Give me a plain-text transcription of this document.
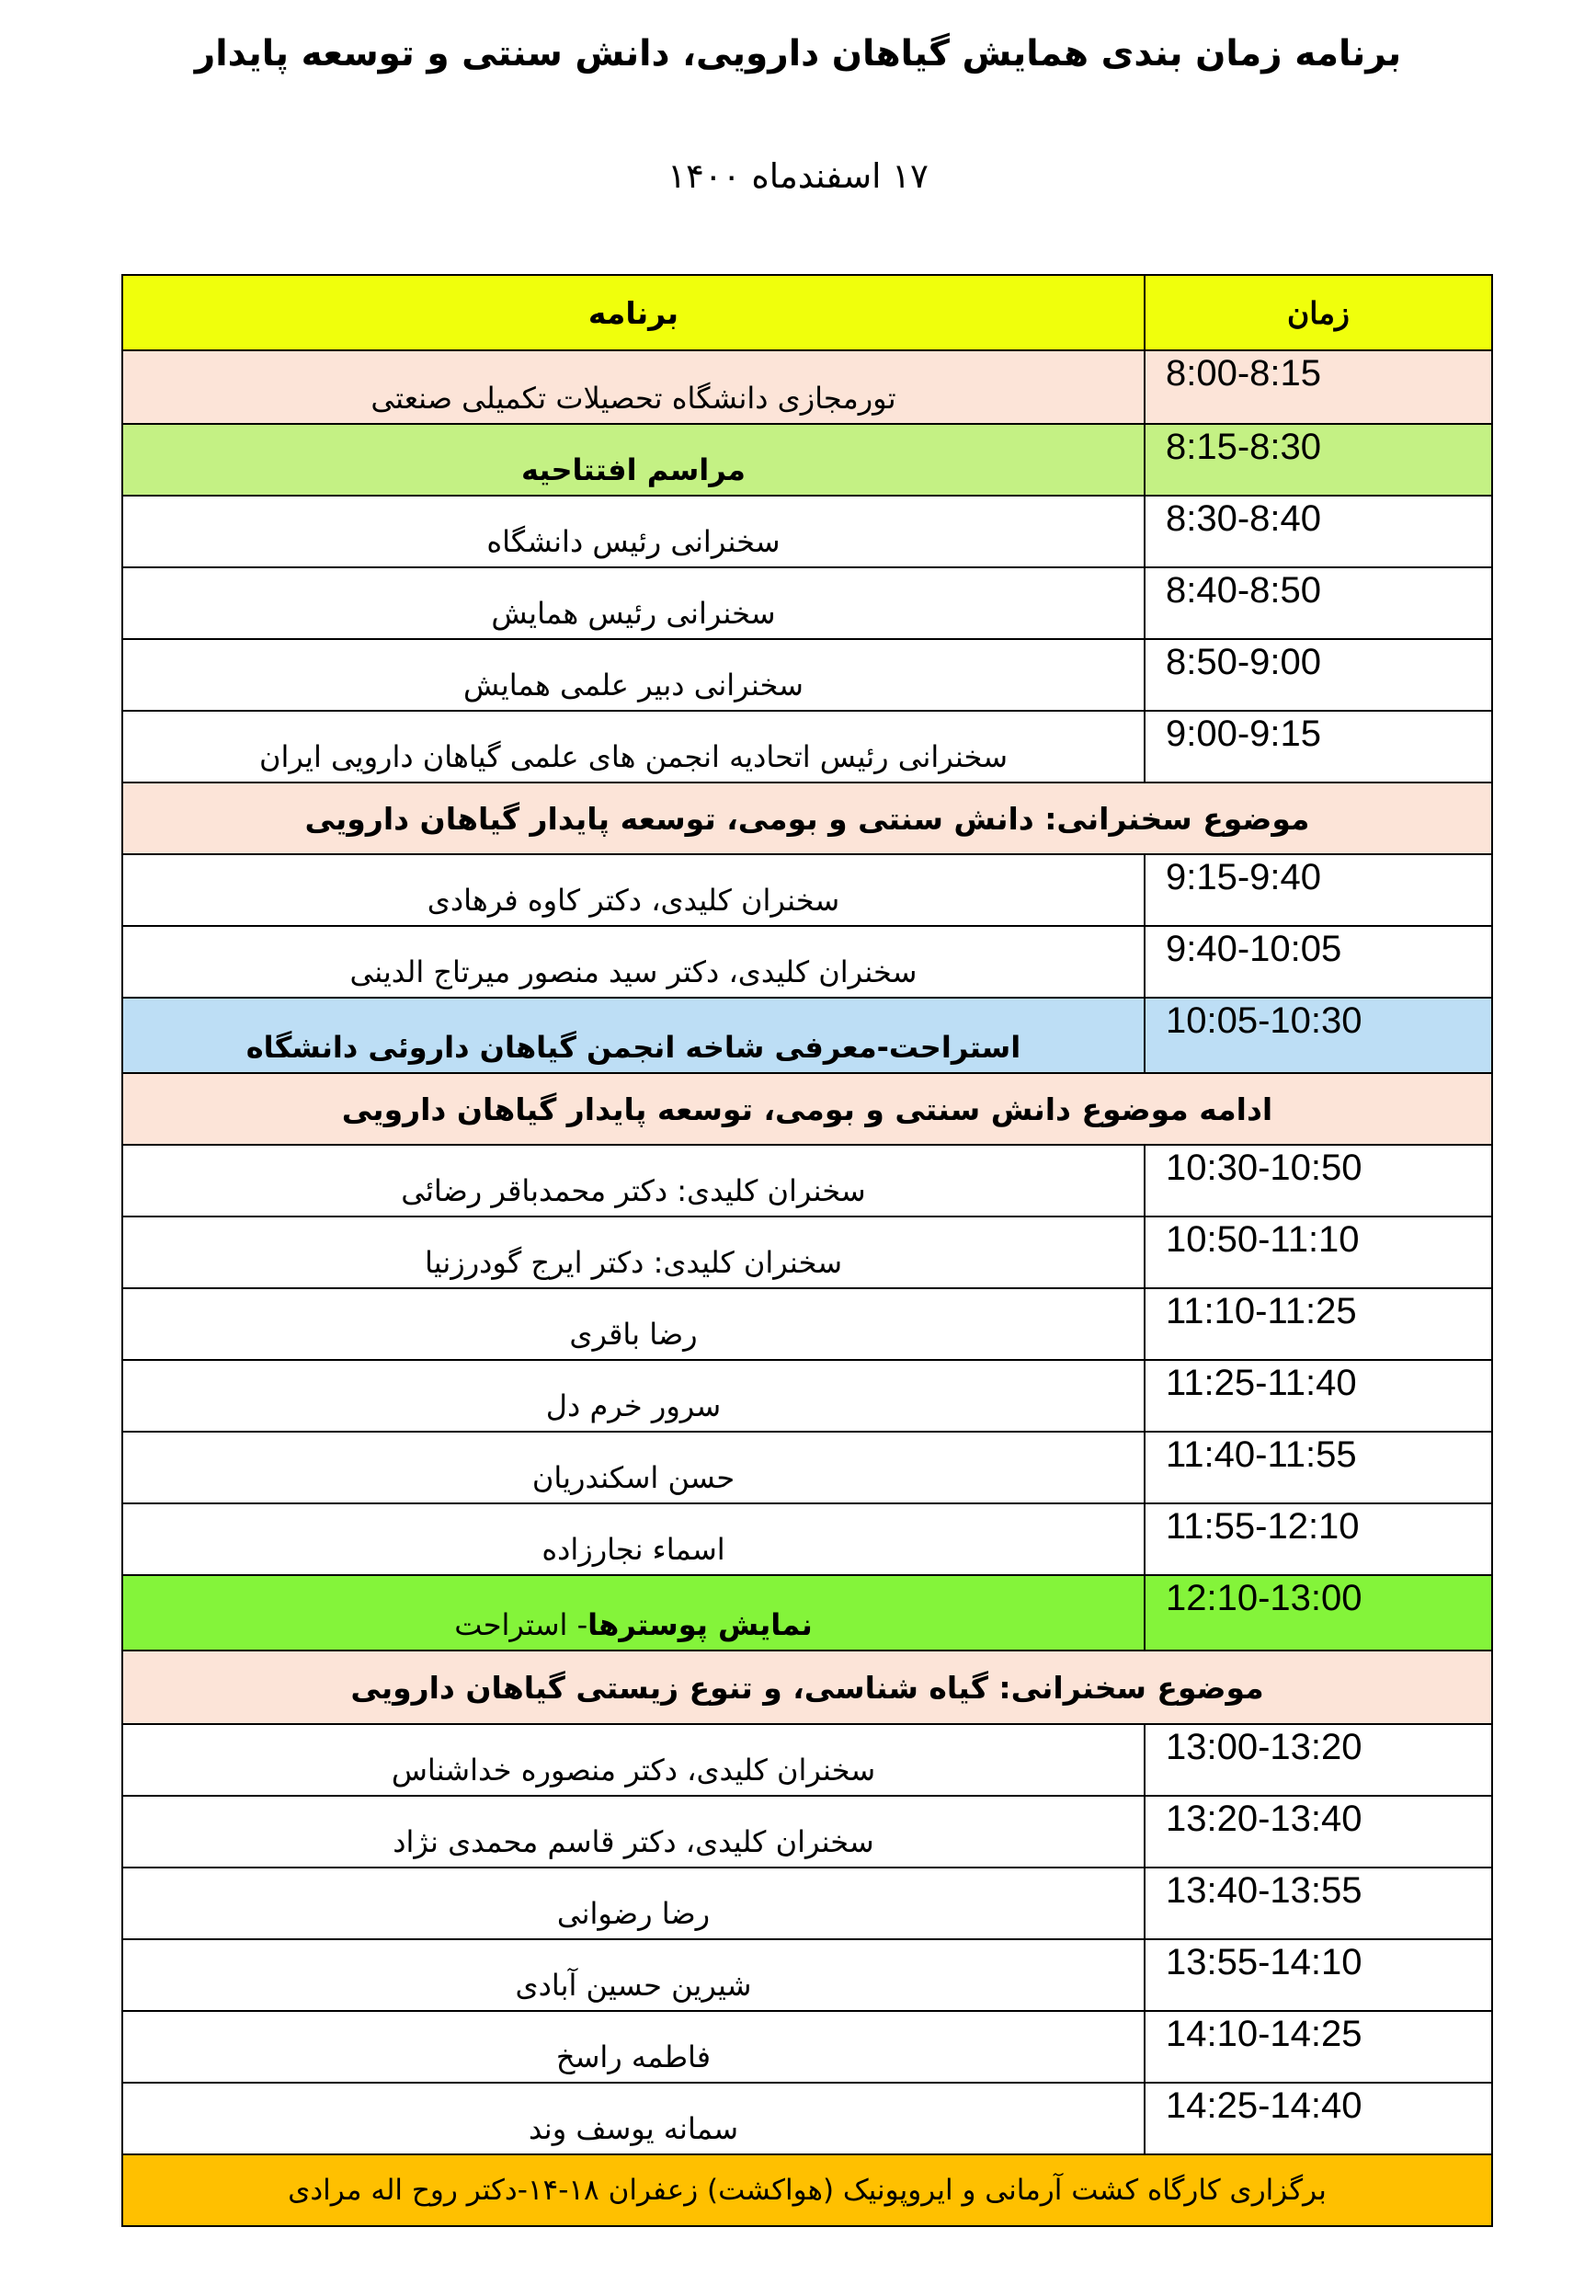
برنامه زمان بندی همایش گیاهان دارویی، دانش سنتی و توسعه پایدار
۱۷ اسفندماه ۱۴۰۰
برنامه	زمان
تورمجازی دانشگاه تحصیلات تکمیلی صنعتی	8:00-8:15
مراسم افتتاحیه	8:15-8:30
سخنرانی رئیس دانشگاه	8:30-8:40
سخنرانی رئیس همایش	8:40-8:50
سخنرانی دبیر علمی همایش	8:50-9:00
سخنرانی رئیس اتحادیه انجمن های علمی گیاهان دارویی ایران	9:00-9:15
موضوع سخنرانی: دانش سنتی و بومی، توسعه پایدار گیاهان دارویی	
سخنران کلیدی، دکتر کاوه فرهادی	9:15-9:40
سخنران کلیدی، دکتر سید منصور میرتاج الدینی	9:40-10:05
استراحت-معرفی شاخه انجمن گیاهان داروئی دانشگاه	10:05-10:30
ادامه موضوع دانش سنتی و بومی، توسعه پایدار گیاهان دارویی	
سخنران کلیدی: دکتر محمدباقر رضائی	10:30-10:50
سخنران کلیدی: دکتر ایرج گودرزنیا	10:50-11:10
رضا باقری	11:10-11:25
سرور خرم دل	11:25-11:40
حسن اسکندریان	11:40-11:55
اسماء نجارزاده	11:55-12:10
نمایش پوسترها- استراحت	12:10-13:00
موضوع سخنرانی: گیاه شناسی، و تنوع زیستی گیاهان دارویی	
سخنران کلیدی، دکتر منصوره خداشناس	13:00-13:20
سخنران کلیدی، دکتر قاسم محمدی نژاد	13:20-13:40
رضا رضوانی	13:40-13:55
شیرین حسین آبادی	13:55-14:10
فاطمه راسخ	14:10-14:25
سمانه یوسف وند	14:25-14:40
برگزاری کارگاه کشت آرمانی و ایروپونیک (هواکشت) زعفران ۱۸-۱۴-دکتر روح اله مرادی	
